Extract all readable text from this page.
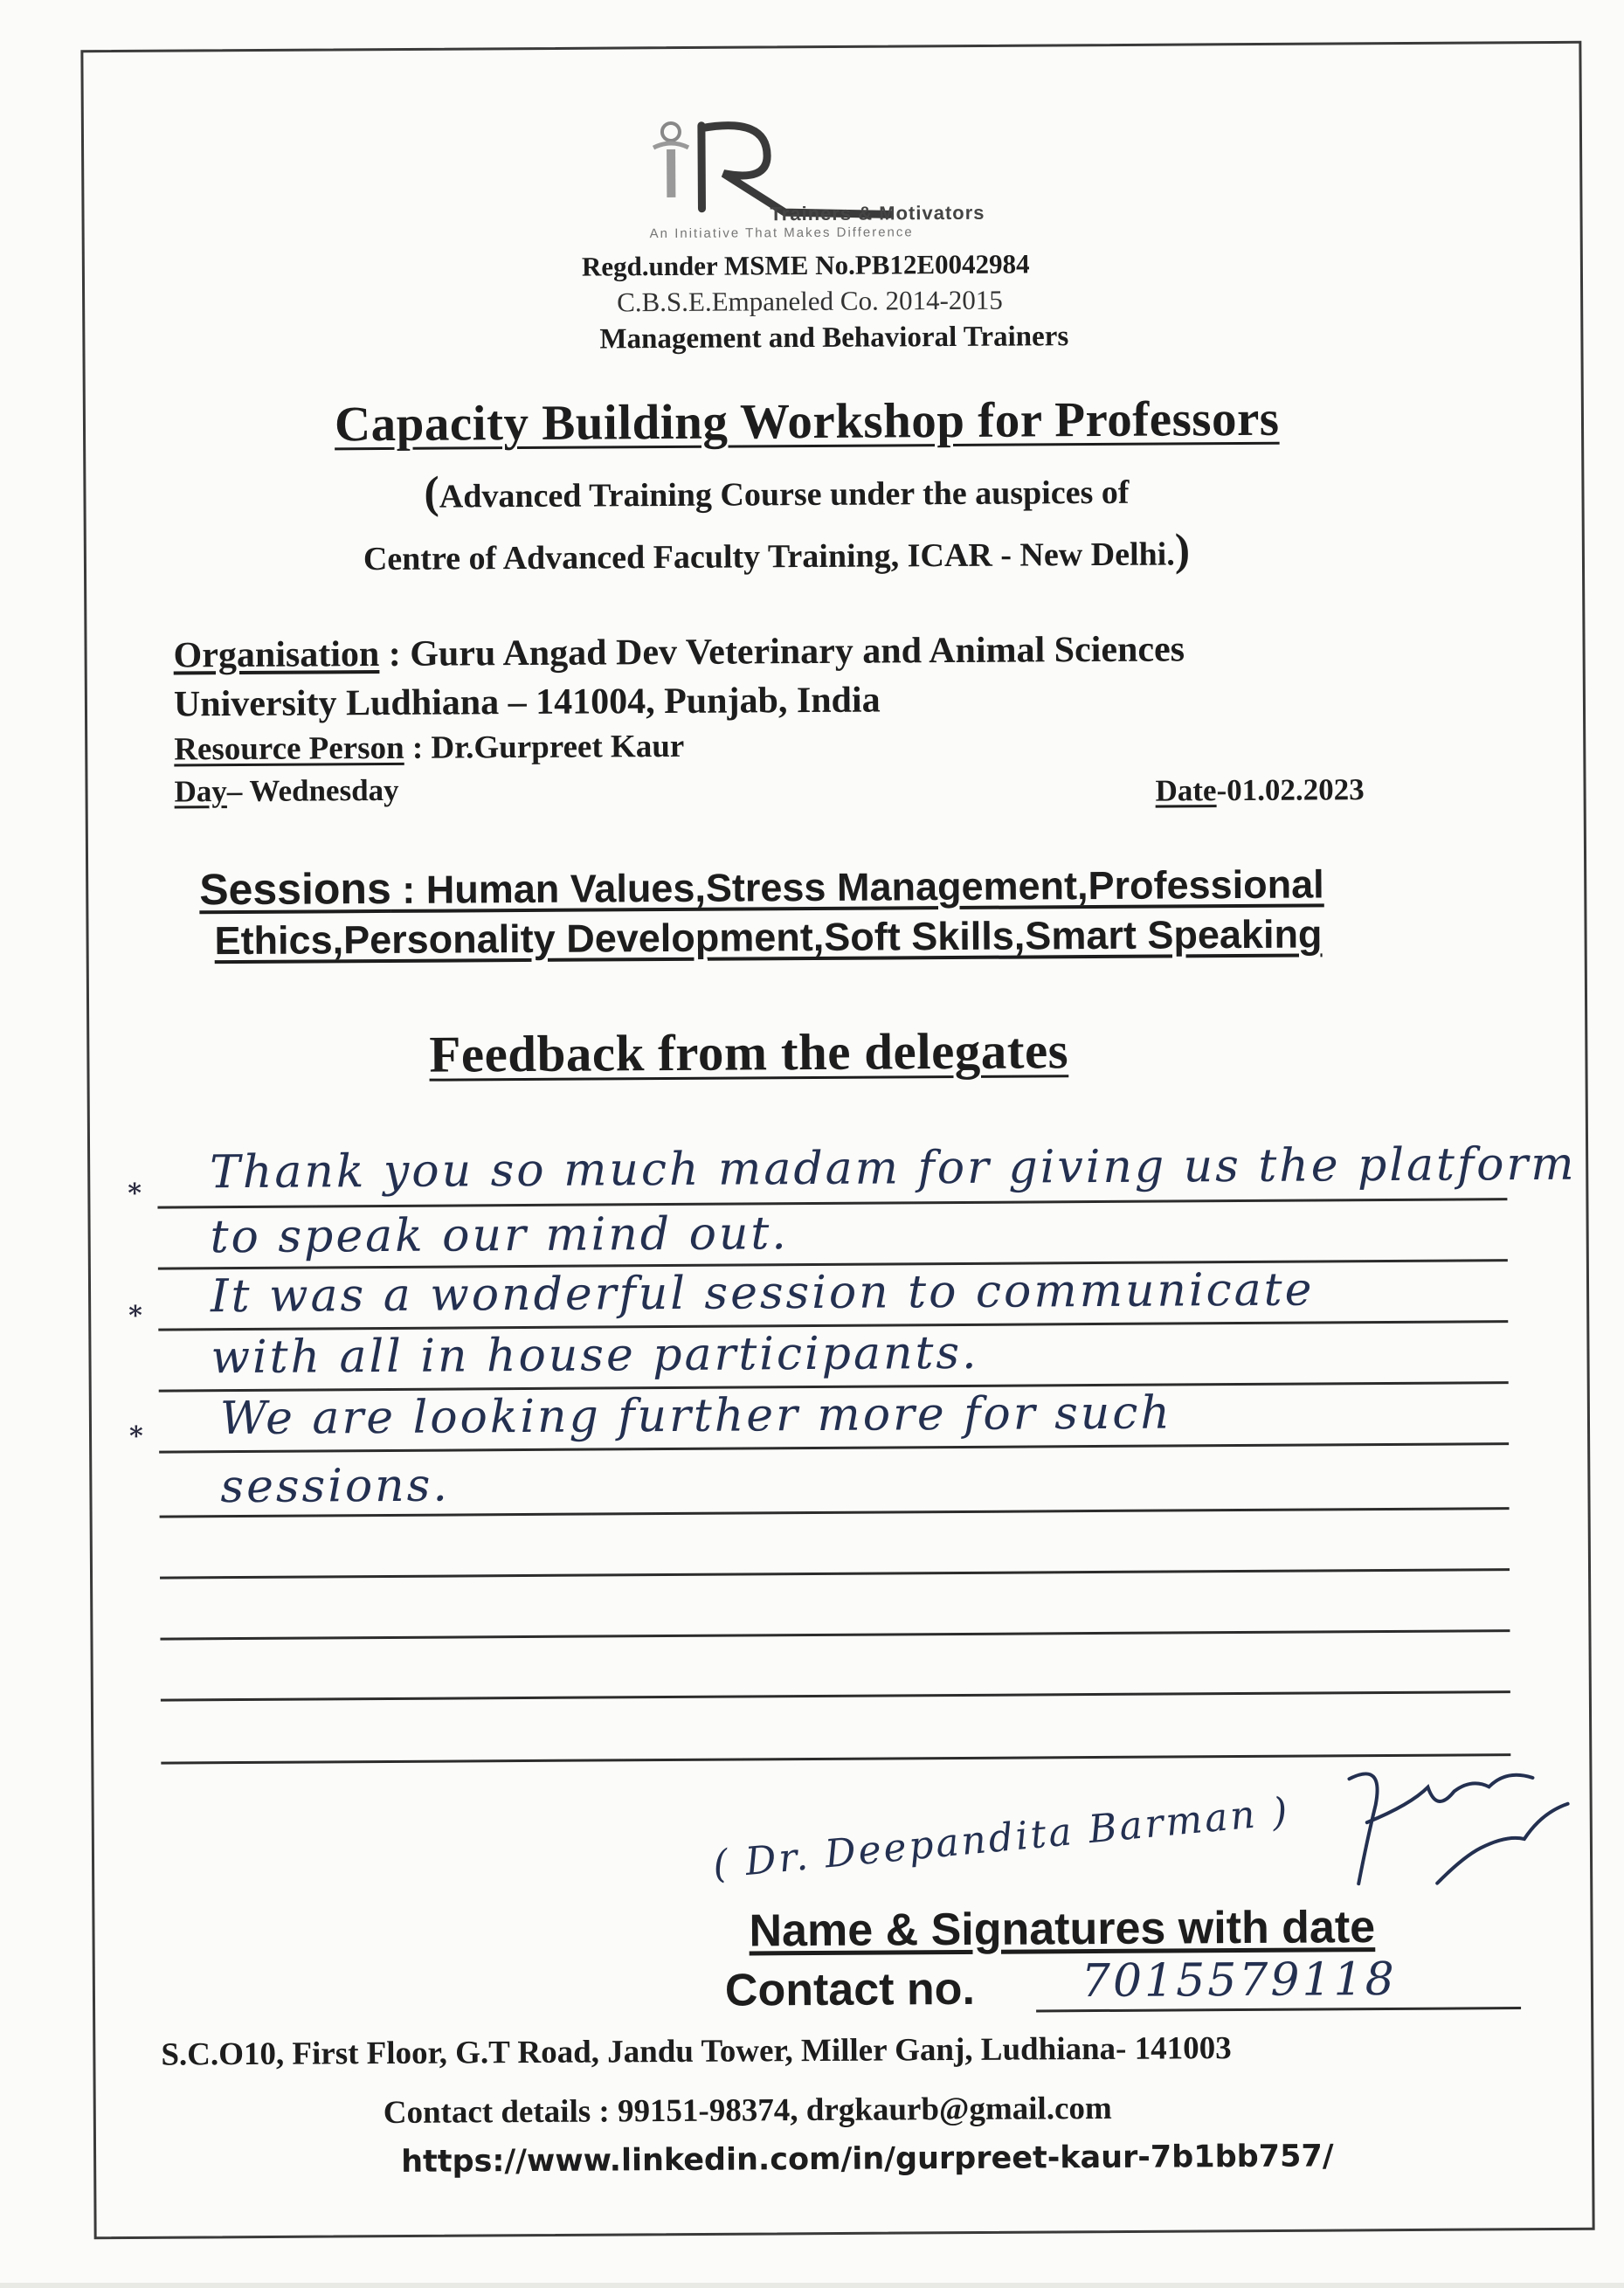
Trainers & Motivators
An Initiative That Makes Difference
Regd.under MSME No.PB12E0042984
C.B.S.E.Empaneled Co. 2014-2015
Management and Behavioral Trainers
Capacity Building Workshop for Professors
(Advanced Training Course under the auspices of
Centre of Advanced Faculty Training, ICAR - New Delhi.)
Organisation : Guru Angad Dev Veterinary and Animal Sciences
University Ludhiana – 141004, Punjab, India
Resource Person : Dr.Gurpreet Kaur
Day– Wednesday	Date-01.02.2023
Sessions : Human Values,Stress Management,Professional
Ethics,Personality Development,Soft Skills,Smart Speaking
Feedback from the delegates
*
*
*
Thank you so much madam for giving us the platform
to speak our mind out.
It was a wonderful session to communicate
with all in house participants.
We are looking further more for such
sessions.
( Dr. Deepandita Barman )
Name & Signatures with date
Contact no. 7015579118
S.C.O10, First Floor, G.T Road, Jandu Tower, Miller Ganj, Ludhiana- 141003
Contact details : 99151-98374, drgkaurb@gmail.com
https://www.linkedin.com/in/gurpreet-kaur-7b1bb757/
